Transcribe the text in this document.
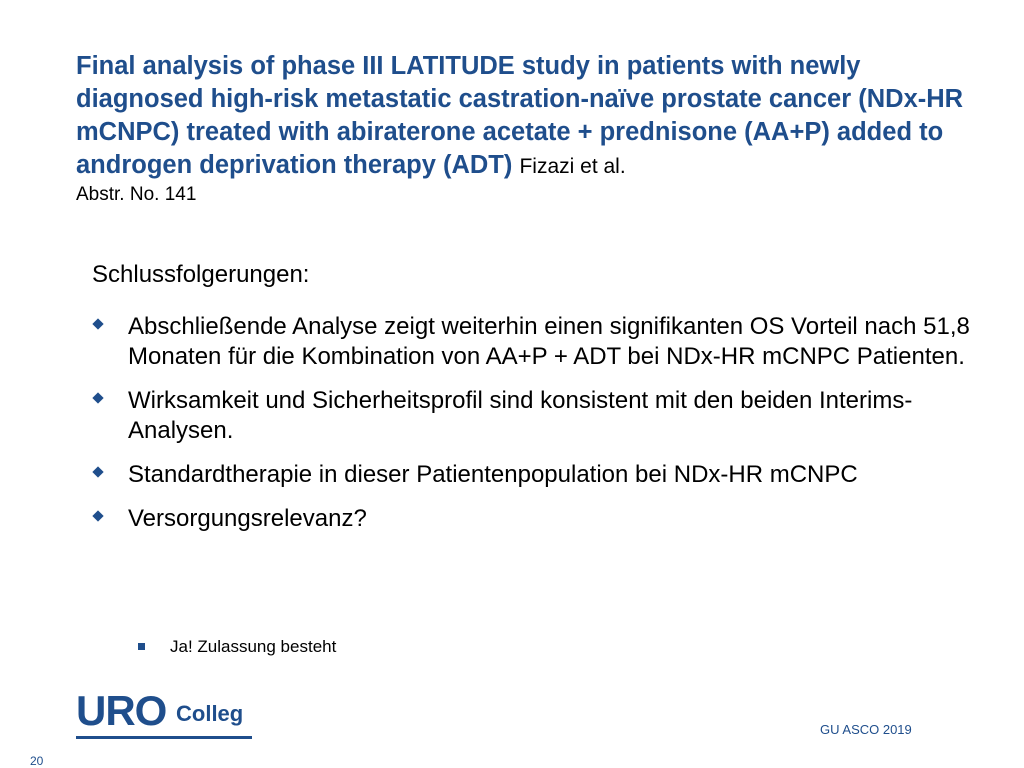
Final analysis of phase III LATITUDE study in patients with newly diagnosed high-risk metastatic castration-naïve prostate cancer (NDx-HR mCNPC) treated with abiraterone acetate + prednisone (AA+P) added to androgen deprivation therapy (ADT) Fizazi et al.
Abstr. No. 141
Schlussfolgerungen:
Abschließende Analyse zeigt weiterhin einen signifikanten OS Vorteil nach 51,8 Monaten für die Kombination von AA+P + ADT bei NDx-HR mCNPC Patienten.
Wirksamkeit und Sicherheitsprofil sind konsistent mit den beiden Interims-Analysen.
Standardtherapie in dieser Patientenpopulation bei NDx-HR mCNPC
Versorgungsrelevanz?
Ja! Zulassung besteht
URO Colleg
GU ASCO 2019
20
